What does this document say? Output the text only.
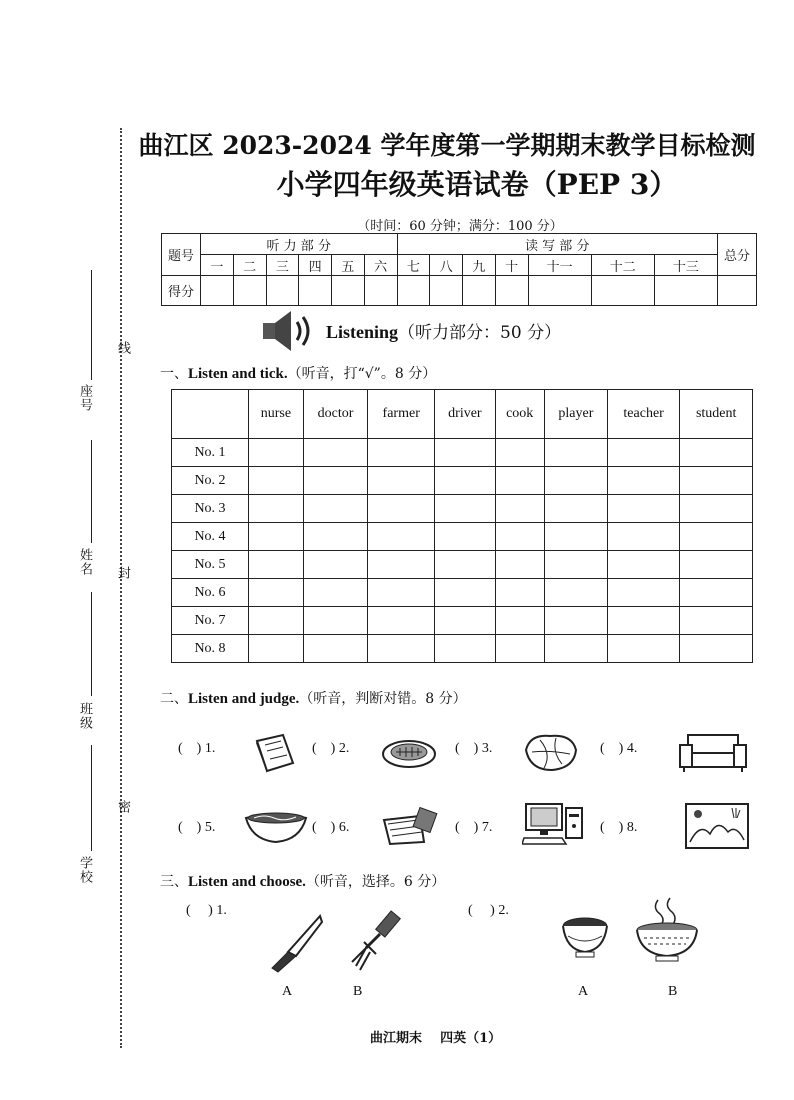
线
封
密
座号
姓名
班级
学校
曲江区 2023-2024 学年度第一学期期末教学目标检测
小学四年级英语试卷（PEP 3）
（时间：60 分钟；满分：100 分）
题号	听 力 部 分						读 写 部 分							总分
	一	二	三	四	五	六	七	八	九	十	十一	十二	十三	
得分														
Listening（听力部分：50 分）
一、Listen and tick.（听音，打“√”。8 分）
	nurse	doctor	farmer	driver	cook	player	teacher	student
No. 1								
No. 2								
No. 3								
No. 4								
No. 5								
No. 6								
No. 7								
No. 8								
二、Listen and judge.（听音，判断对错。8 分）
(    ) 1.	(    ) 2.	(    ) 3.	(    ) 4.
(    ) 5.	(    ) 6.	(    ) 7.	(    ) 8.
三、Listen and choose.（听音，选择。6 分）
(     ) 1.
A	B
(     ) 2.
A	B
曲江期末    四英（1）
